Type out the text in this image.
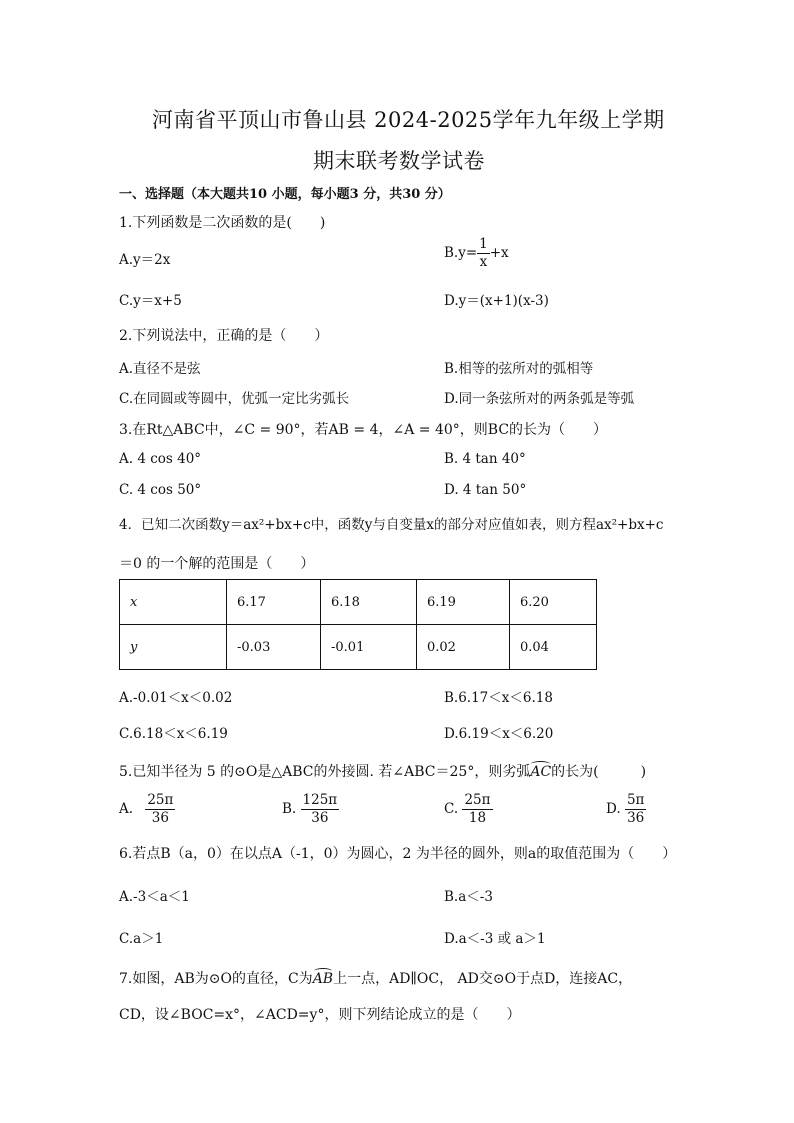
河南省平顶山市鲁山县 2024-2025学年九年级上学期
期末联考数学试卷
一、选择题（本大题共10 小题，每小题3 分，共30 分）
1.下列函数是二次函数的是(　　)
A.y＝2x	$B.y= \frac{1}{x} +x$
C.y＝x+5	D.y＝(x+1)(x-3)
2.下列说法中，正确的是（　　）
A.直径不是弦	B.相等的弦所对的弧相等
C.在同圆或等圆中，优弧一定比劣弧长	D.同一条弦所对的两条弧是等弧
3.在Rt△ABC中，∠C = 90°，若AB = 4，∠A = 40°，则BC的长为（　　）
A. 4 cos 40°	B. 4 tan 40°
C. 4 cos 50°	D. 4 tan 50°
4．已知二次函数y＝ax²+bx+c中，函数y与自变量x的部分对应值如表，则方程ax²+bx+c
＝0 的一个解的范围是（　　）
x	6.17	6.18	6.19	6.20
y	-0.03	-0.01	0.02	0.04
A.-0.01＜x＜0.02	B.6.17＜x＜6.18
C.6.18＜x＜6.19	D.6.19＜x＜6.20
5.已知半径为 5 的⊙O是△ABC的外接圆. 若∠ABC＝25°，则劣弧AC的长为(　　　)
A. $\frac{25\pi}{36}$	B. $\frac{125\pi}{36}$	C. $\frac{25\pi}{18}$	D. $\frac{5\pi}{36}$
6.若点B（a，0）在以点A（-1，0）为圆心，2 为半径的圆外，则a的取值范围为（　　）
A.-3＜a＜1	B.a＜-3
C.a＞1	D.a＜-3 或 a＞1
7.如图，AB为⊙O的直径，C为AB上一点，AD∥OC， AD交⊙O于点D，连接AC，
CD，设∠BOC=x°，∠ACD=y°，则下列结论成立的是（　　）
